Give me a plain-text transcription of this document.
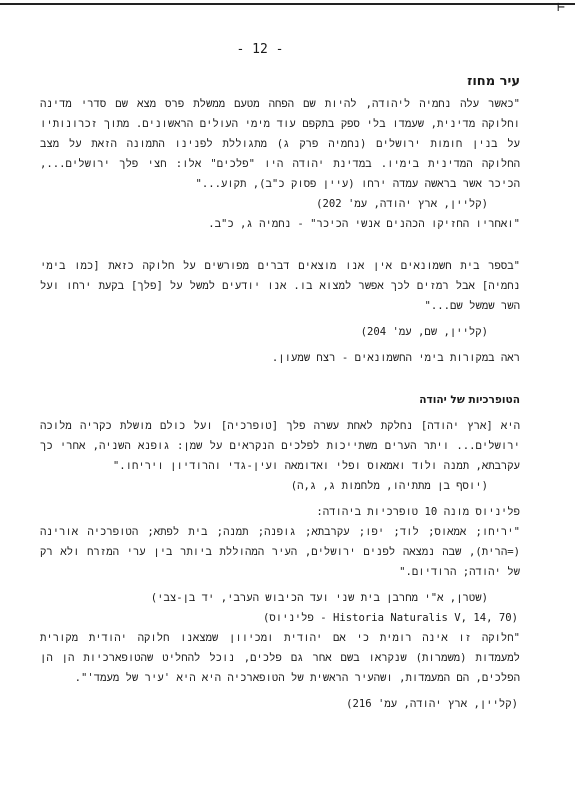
⊢
- 12 -
עיר מחוז

"כאשר עלה נחמיה ליהודה, להיות שם הפחה מטעם ממשלת פרס מצא שם סדרי מדינה וחלוקה מדינית, שעמדו בלי ספק בתקפם עוד מימי העולים הראשונים. מתוך זכרונותיו על בנין חומות ירושלים (נחמיה פרק ג) מתגוללת לפנינו התמונה הזאת על מצב החלוקה המדינית בימיו. במדינת יהודה היו "פלכים" אלו: חצי פלך ירושלים..., הכיכר אשר בראשה עמדה ירחו (עיין פסוק כ"ב), תקוע..."

(קליין, ארץ יהודה, עמ' 202)

"ואחריו החזיקו הכהנים אנשי הכיכר" - נחמיה ג, כ"ב.

"בספר בית חשמונאים אין אנו מוצאים דברים מפורשים על חלוקה כזאת [כמו בימי נחמיה] אבל רמזים לכך אפשר למצוא בו. אנו יודעים למשל על [פלך] בקעת ירחו ועל השר שמשל שם..."

(קליין, שם, עמ' 204)

ראה במקורות בימי החשמונאים - רצח שמעון.

הטופרכיות של יהודה

היא [ארץ יהודה] נחלקת לאחת עשרה פלך [טופרכיה] ועל כולם מושלת כקריה מלוכה ירושלים... ויתר הערים משתייכות לפלכים הנקראים על שמן: גופנא השניה, אחרי כך עקרבתא, תמנה ולוד ואמאוס ופלי ואדומאה ועין-גדי והרודיון ויריחו."

(יוסף בן מתתיהו, מלחמות ג, ג,ה)

פליניוס מונה 10 טופרכיות ביהודה:

"יריחו; אמאוס; לוד; יפו; עקרבתא; גופנה; תמנה; בית לפתא; הטופרכיה אורינה (=הרית), שבה נמצאה לפנים ירושלים, העיר המהוללת ביותר בין ערי המזרח ולא רק של יהודה; הרודיום."

(שטרן, א"י מחרבן בית שני ועד הכיבוש הערבי, יד בן-צבי)

(Historia Naturalis V, 14, 70 - פליניוס)

"חלוקה זו אינה רומית כי אם יהודית ומכיוון שמצאנו חלוקה יהודית מקורית למעמדות (משמרות) שנקראו בשם אחר גם פלכים, נוכל להחליט שהטופארכיות הן הן הפלכים, הם המעמדות, ושהעיר הראשית של הטופארכיה היא היא 'עיר של מעמד'".

(קליין, ארץ יהודה, עמ' 216)
